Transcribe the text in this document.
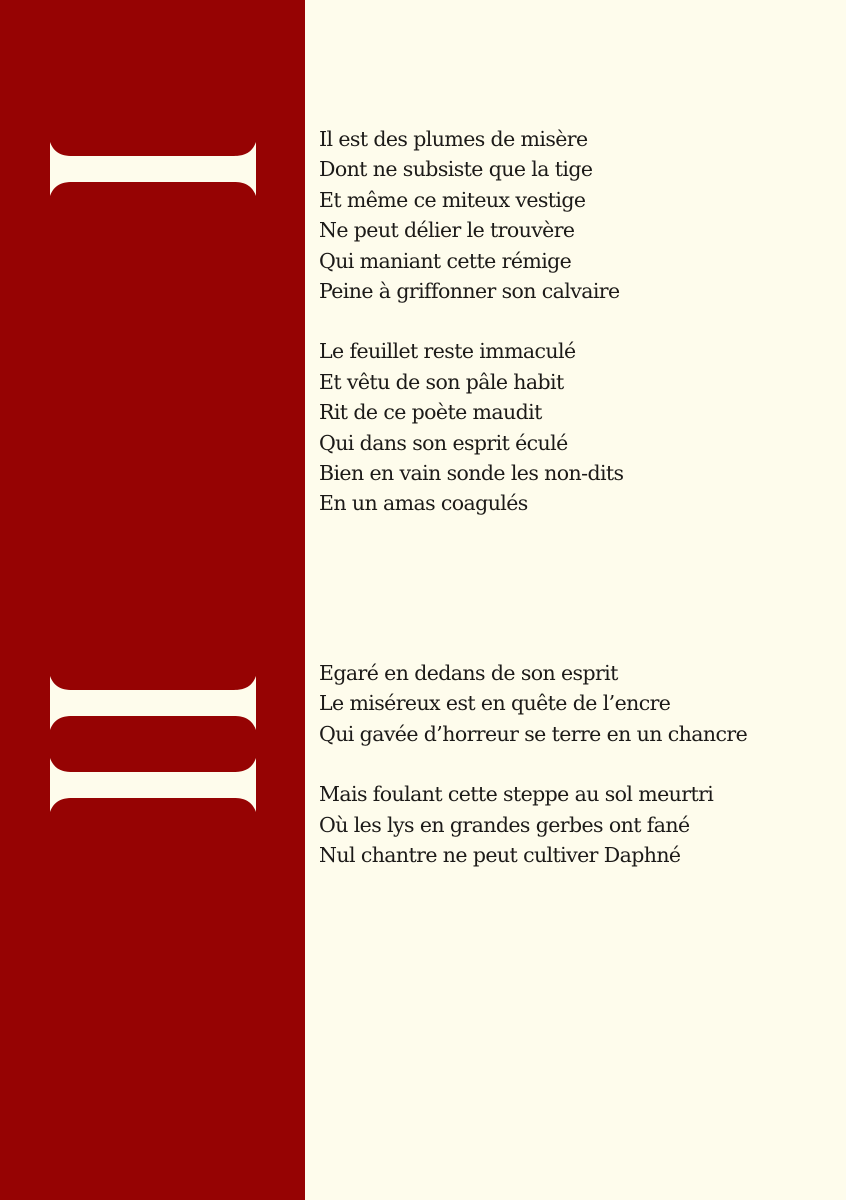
Il est des plumes de misère
Dont ne subsiste que la tige
Et même ce miteux vestige
Ne peut délier le trouvère
Qui maniant cette rémige
Peine à griffonner son calvaire
Le feuillet reste immaculé
Et vêtu de son pâle habit
Rit de ce poète maudit
Qui dans son esprit éculé
Bien en vain sonde les non-dits
En un amas coagulés
Egaré en dedans de son esprit
Le miséreux est en quête de l’encre
Qui gavée d’horreur se terre en un chancre
Mais foulant cette steppe au sol meurtri
Où les lys en grandes gerbes ont fané
Nul chantre ne peut cultiver Daphné
